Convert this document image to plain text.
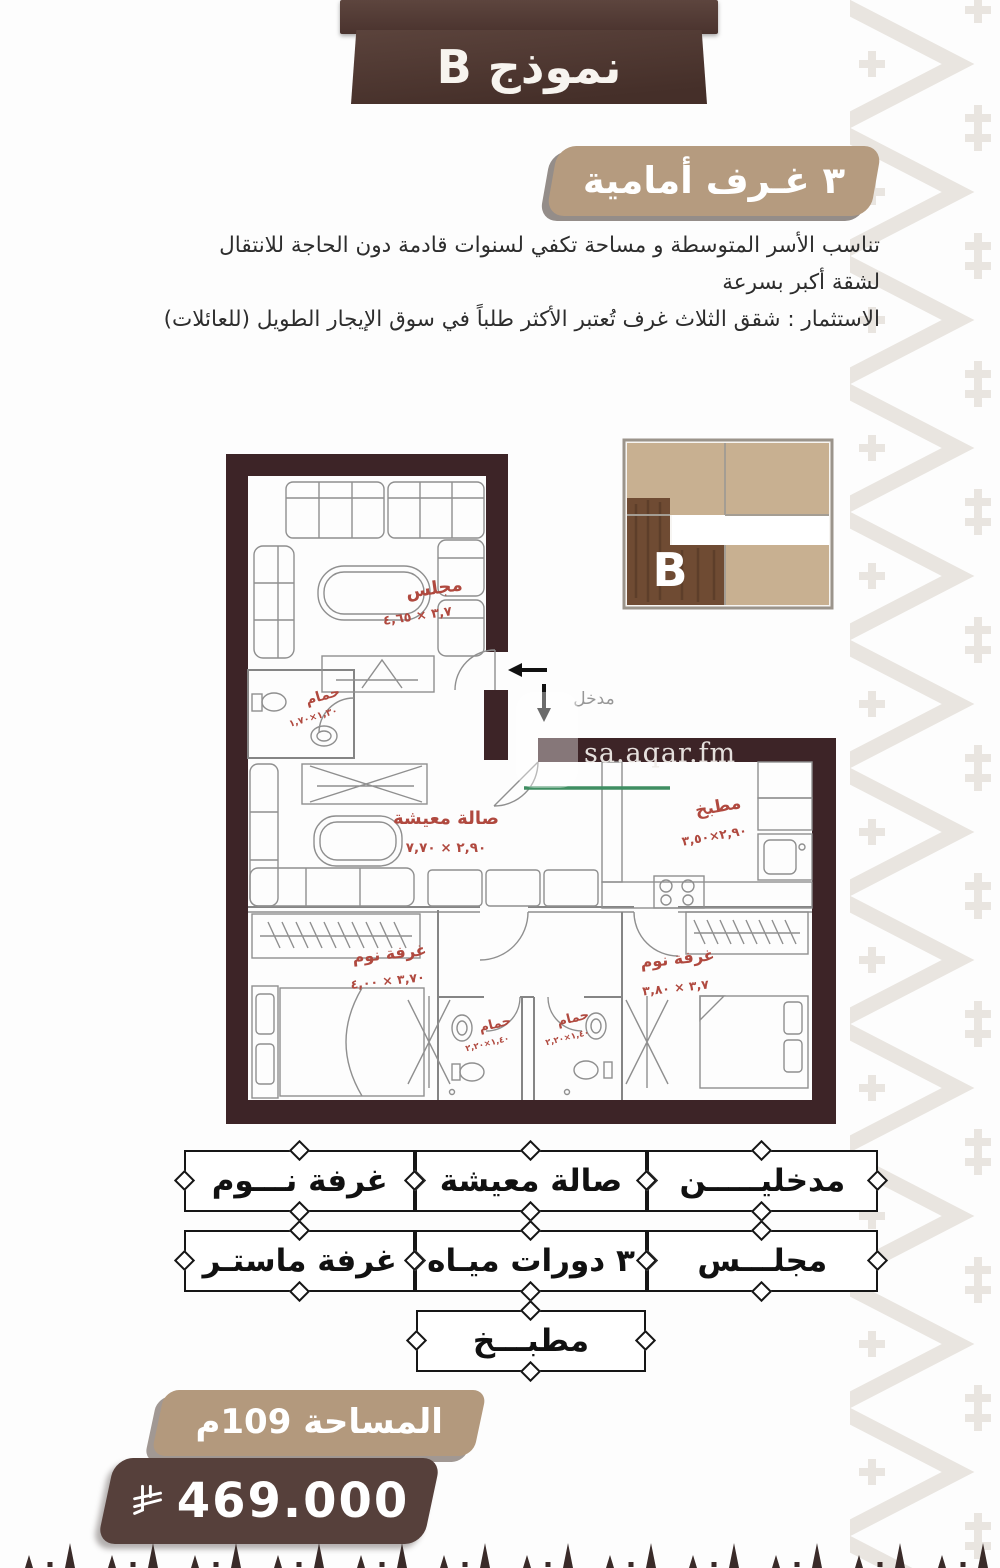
نموذج B
٣ غـرف أمامية
تناسب الأسر المتوسطة و مساحة تكفي لسنوات قادمة دون الحاجة للانتقال
لشقة أكبر بسرعة
الاستثمار : شقق الثلاث غرف تُعتبر الأكثر طلباً في سوق الإيجار الطويل (للعائلات)
مدخل
مجلس
٣,٧ × ٤,٦٥
حمام
١,٣٠×١,٧٠
صالة معيشة
٢,٩٠ × ٧,٧٠
مطبخ
٢,٩٠×٣,٥٠
غرفة نوم
٣,٧٠ × ٤,٠٠
حمام
١,٤٠×٢,٢٠
حمام
١,٤٠×٢,٢٠
غرفة نوم
٣,٧ × ٣,٨٠
B
sa.aqar.fm
مدخليـــــن
صالة معيشة
غرفة نـــوم
مجلـــس
٣ دورات ميـاه
غرفة ماستـر
مطبـــخ
المساحة 109م
469.000
